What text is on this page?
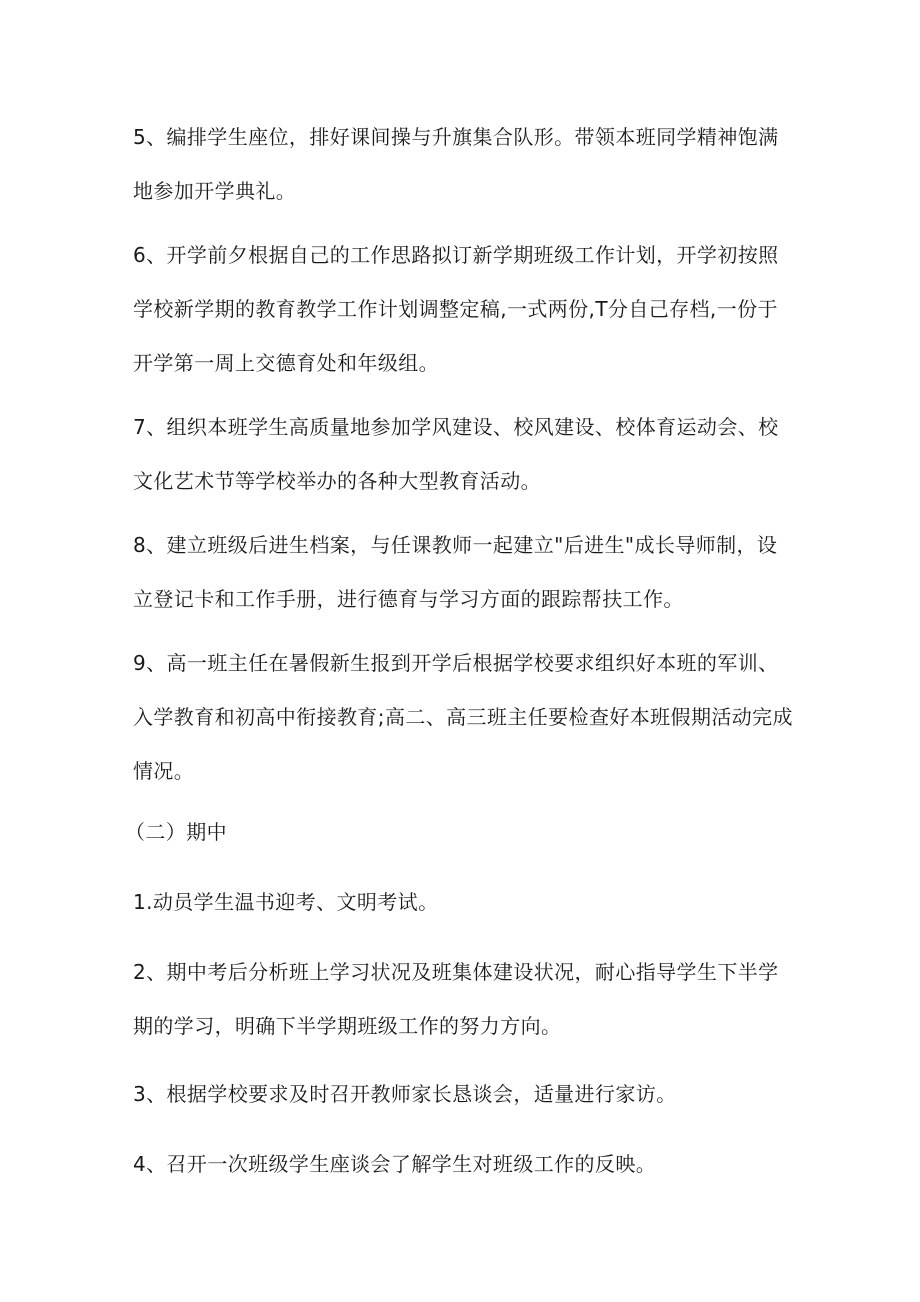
5、编排学生座位，排好课间操与升旗集合队形。带领本班同学精神饱满地参加开学典礼。

6、开学前夕根据自己的工作思路拟订新学期班级工作计划，开学初按照学校新学期的教育教学工作计划调整定稿,一式两份,T分自己存档,一份于开学第一周上交德育处和年级组。

7、组织本班学生高质量地参加学风建设、校风建设、校体育运动会、校文化艺术节等学校举办的各种大型教育活动。

8、建立班级后进生档案，与任课教师一起建立"后进生"成长导师制，设立登记卡和工作手册，进行德育与学习方面的跟踪帮扶工作。

9、高一班主任在暑假新生报到开学后根据学校要求组织好本班的军训、入学教育和初高中衔接教育;高二、高三班主任要检查好本班假期活动完成情况。

（二）期中

1.动员学生温书迎考、文明考试。

2、期中考后分析班上学习状况及班集体建设状况，耐心指导学生下半学期的学习，明确下半学期班级工作的努力方向。

3、根据学校要求及时召开教师家长恳谈会，适量进行家访。

4、召开一次班级学生座谈会了解学生对班级工作的反映。
